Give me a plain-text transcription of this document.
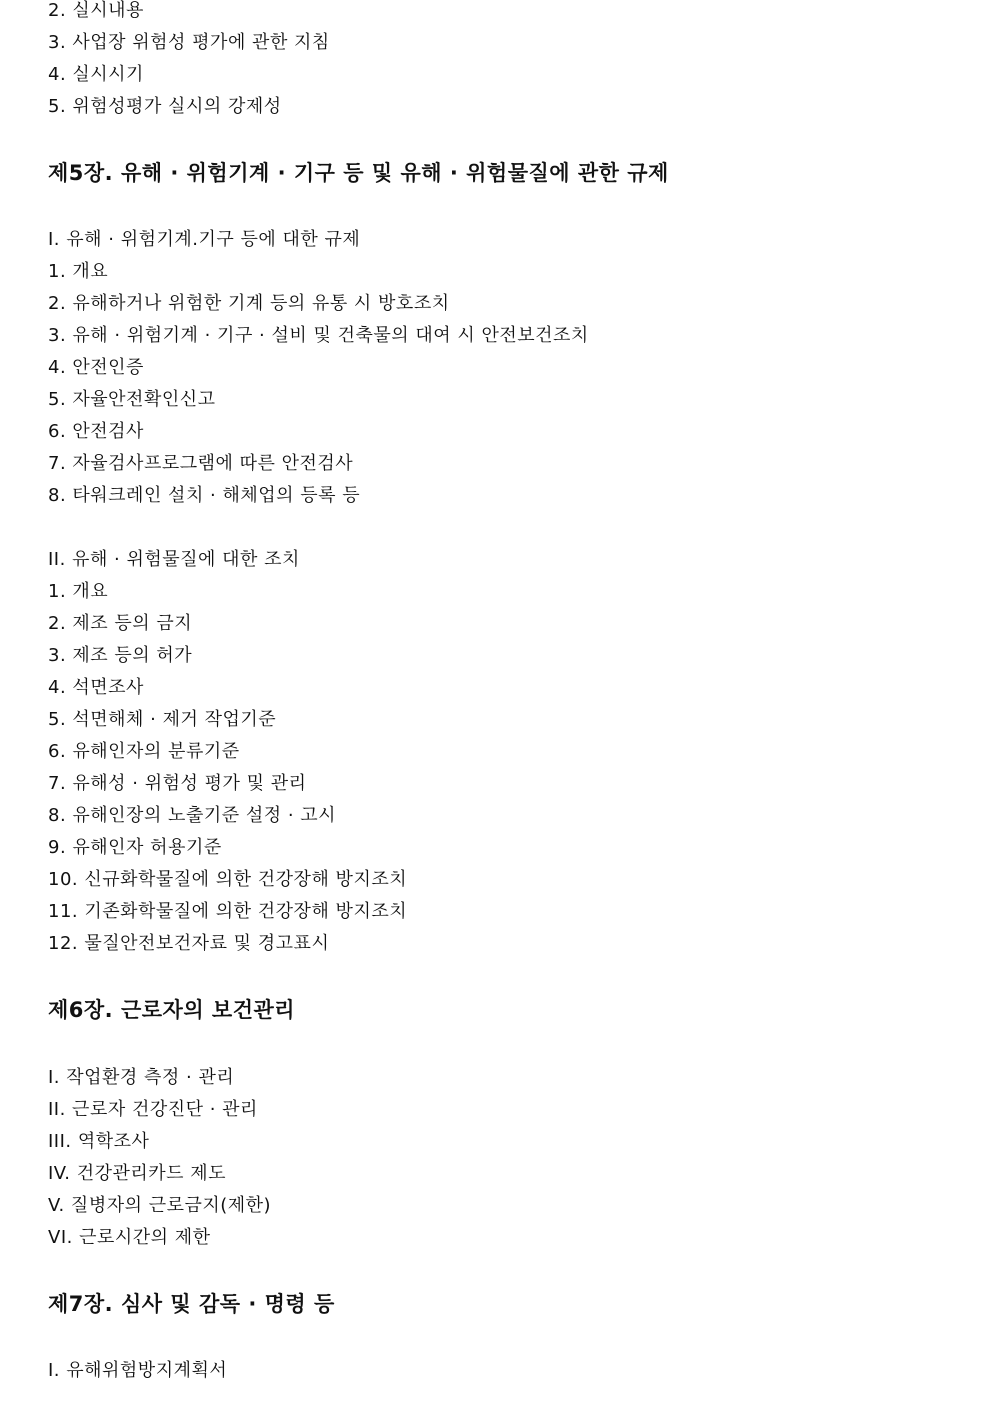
2. 실시내용
3. 사업장 위험성 평가에 관한 지침
4. 실시시기
5. 위험성평가 실시의 강제성
제5장. 유해 · 위험기계 · 기구 등 및 유해 · 위험물질에 관한 규제
I. 유해 · 위험기계.기구 등에 대한 규제
1. 개요
2. 유해하거나 위험한 기계 등의 유통 시 방호조치
3. 유해 · 위험기계 · 기구 · 설비 및 건축물의 대여 시 안전보건조치
4. 안전인증
5. 자율안전확인신고
6. 안전검사
7. 자율검사프로그램에 따른 안전검사
8. 타워크레인 설치 · 해체업의 등록 등
II. 유해 · 위험물질에 대한 조치
1. 개요
2. 제조 등의 금지
3. 제조 등의 허가
4. 석면조사
5. 석면해체 · 제거 작업기준
6. 유해인자의 분류기준
7. 유해성 · 위험성 평가 및 관리
8. 유해인장의 노출기준 설정 · 고시
9. 유해인자 허용기준
10. 신규화학물질에 의한 건강장해 방지조치
11. 기존화학물질에 의한 건강장해 방지조치
12. 물질안전보건자료 및 경고표시
제6장. 근로자의 보건관리
I. 작업환경 측정 · 관리
II. 근로자 건강진단 · 관리
III. 역학조사
IV. 건강관리카드 제도
V. 질병자의 근로금지(제한)
VI. 근로시간의 제한
제7장. 심사 및 감독 · 명령 등
I. 유해위험방지계획서
